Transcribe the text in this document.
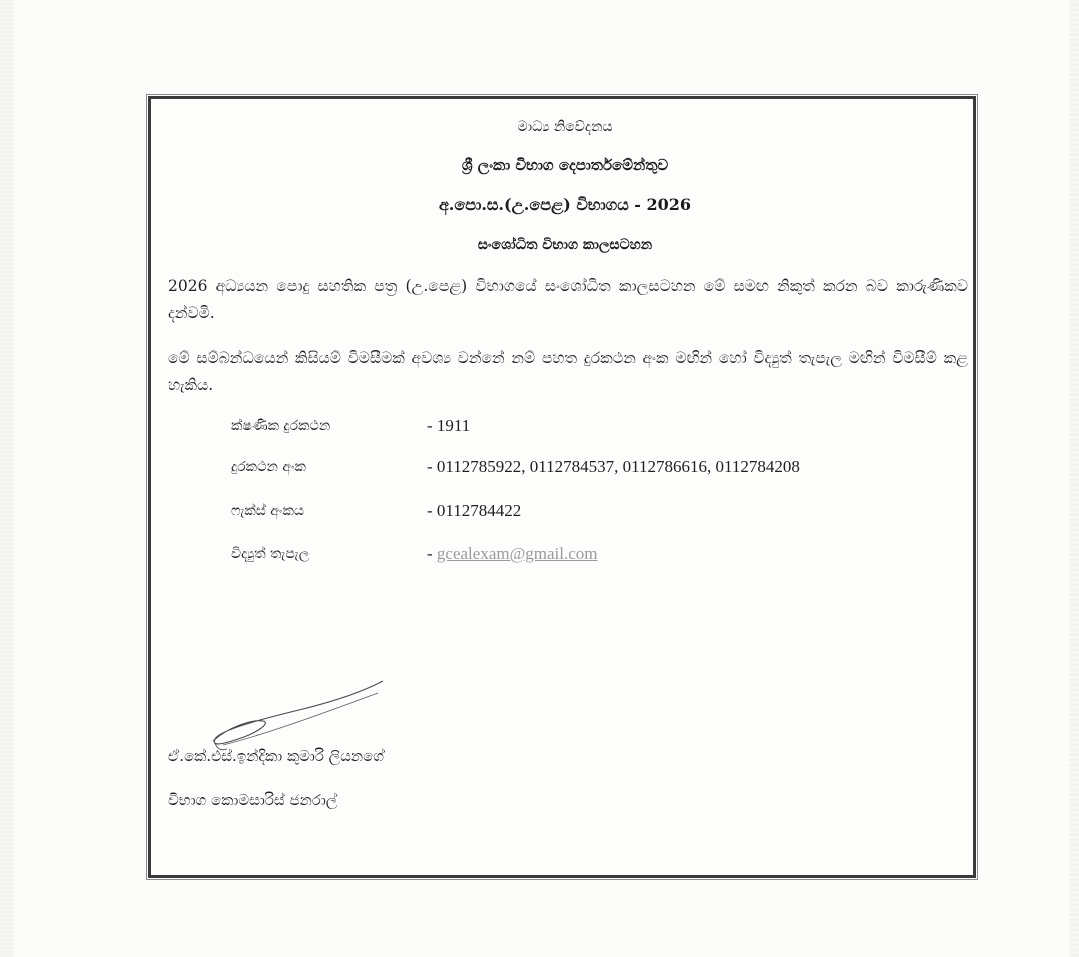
මාධ්‍ය නිවේදනය
ශ්‍රී ලංකා විභාග දෙපාර්තමේන්තුව
අ.පො.ස.(උ.පෙළ) විභාගය - 2026
සංශෝධිත විභාග කාලසටහන
2026 අධ්‍යයන පොදු සහතික පත්‍ර (උ.පෙළ) විභාගයේ සංශෝධිත කාලසටහන මේ සමඟ නිකුත් කරන බව කාරුණිකව දන්වමි.
මේ සම්බන්ධයෙන් කිසියම් විමසීමක් අවශ්‍ය වන්නේ නම් පහත දුරකථන අංක මඟින් හෝ විද්‍යුත් තැපැල මඟින් විමසීම් කළ හැකිය.
ක්ෂණික දුරකථන	- 1911
දුරකථන අංක	- 0112785922, 0112784537, 0112786616, 0112784208
ෆැක්ස් අංකය	- 0112784422
විද්‍යුත් තැපැල	- gcealexam@gmail.com
ඒ.කේ.එස්.ඉන්දිකා කුමාරි ලියනගේ
විභාග කොමසාරිස් ජනරාල්
